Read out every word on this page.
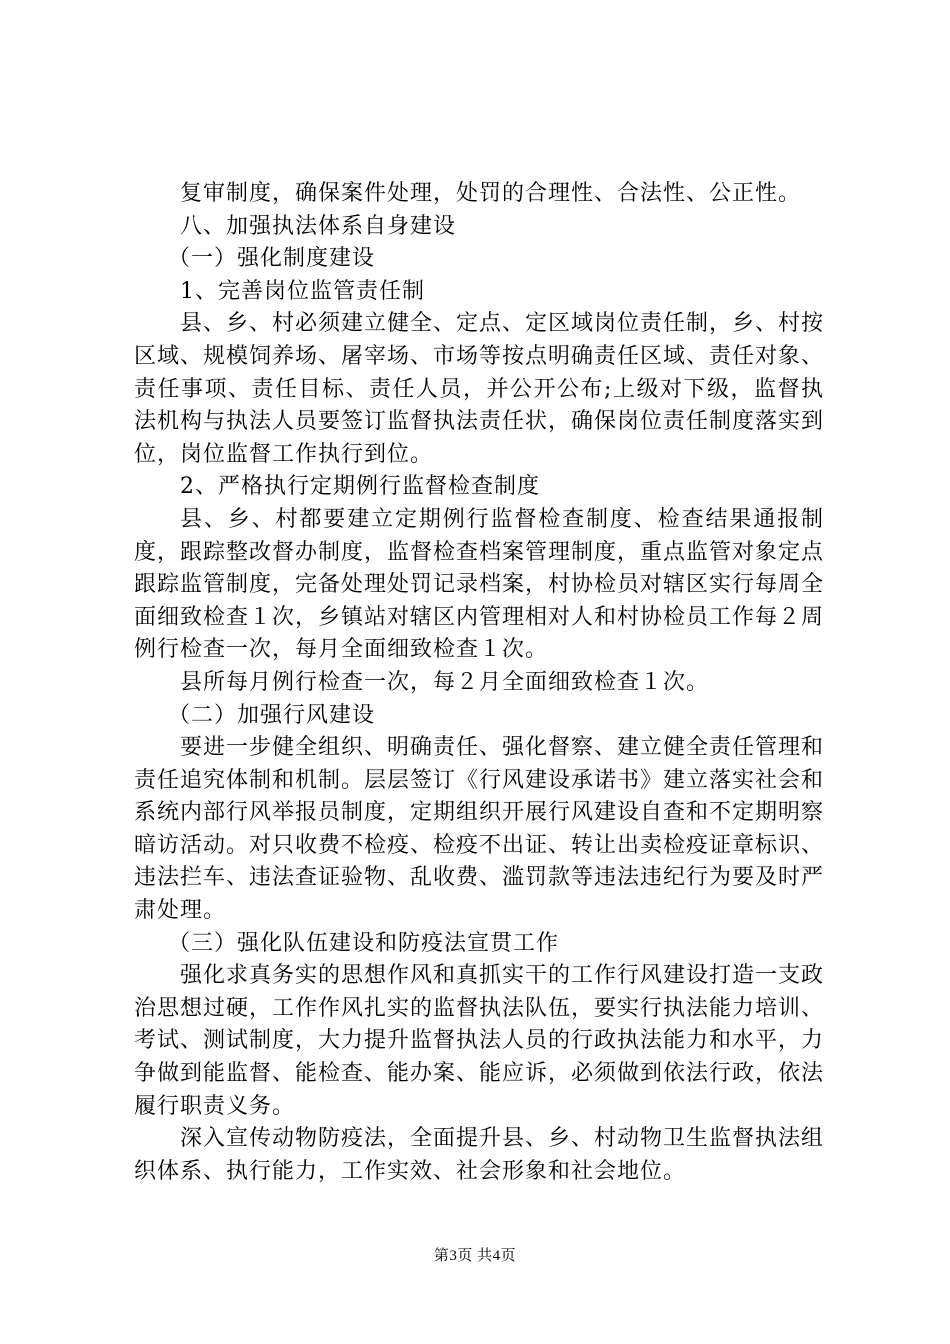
复审制度，确保案件处理，处罚的合理性、合法性、公正性。

八、加强执法体系自身建设

（一）强化制度建设

1、完善岗位监管责任制

县、乡、村必须建立健全、定点、定区域岗位责任制，乡、村按区域、规模饲养场、屠宰场、市场等按点明确责任区域、责任对象、责任事项、责任目标、责任人员，并公开公布;上级对下级，监督执法机构与执法人员要签订监督执法责任状，确保岗位责任制度落实到位，岗位监督工作执行到位。

2、严格执行定期例行监督检查制度

县、乡、村都要建立定期例行监督检查制度、检查结果通报制度，跟踪整改督办制度，监督检查档案管理制度，重点监管对象定点跟踪监管制度，完备处理处罚记录档案，村协检员对辖区实行每周全面细致检查１次，乡镇站对辖区内管理相对人和村协检员工作每２周例行检查一次，每月全面细致检查１次。

县所每月例行检查一次，每２月全面细致检查１次。

（二）加强行风建设

要进一步健全组织、明确责任、强化督察、建立健全责任管理和责任追究体制和机制。层层签订《行风建设承诺书》建立落实社会和系统内部行风举报员制度，定期组织开展行风建设自查和不定期明察暗访活动。对只收费不检疫、检疫不出证、转让出卖检疫证章标识、违法拦车、违法查证验物、乱收费、滥罚款等违法违纪行为要及时严肃处理。

（三）强化队伍建设和防疫法宣贯工作

强化求真务实的思想作风和真抓实干的工作行风建设打造一支政治思想过硬，工作作风扎实的监督执法队伍，要实行执法能力培训、考试、测试制度，大力提升监督执法人员的行政执法能力和水平，力争做到能监督、能检查、能办案、能应诉，必须做到依法行政，依法履行职责义务。

深入宣传动物防疫法，全面提升县、乡、村动物卫生监督执法组织体系、执行能力，工作实效、社会形象和社会地位。

第3页 共4页
